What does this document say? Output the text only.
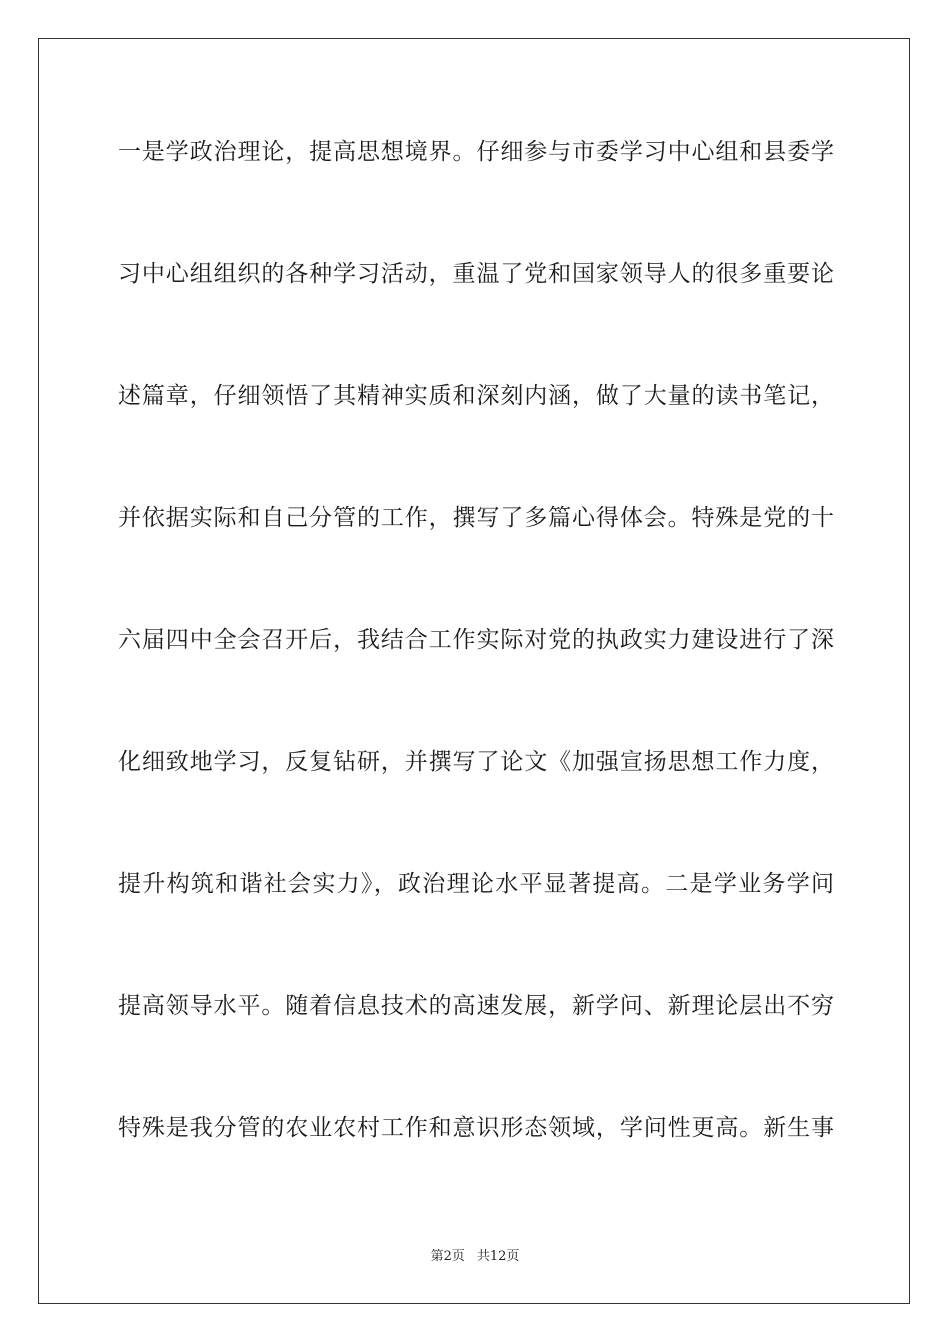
一是学政治理论，提高思想境界。仔细参与市委学习中心组和县委学
习中心组组织的各种学习活动，重温了党和国家领导人的很多重要论
述篇章，仔细领悟了其精神实质和深刻内涵，做了大量的读书笔记，
并依据实际和自己分管的工作，撰写了多篇心得体会。特殊是党的十
六届四中全会召开后，我结合工作实际对党的执政实力建设进行了深
化细致地学习，反复钻研，并撰写了论文《加强宣扬思想工作力度，
提升构筑和谐社会实力》，政治理论水平显著提高。二是学业务学问
提高领导水平。随着信息技术的高速发展，新学问、新理论层出不穷
特殊是我分管的农业农村工作和意识形态领域，学问性更高。新生事
第2页 共12页
